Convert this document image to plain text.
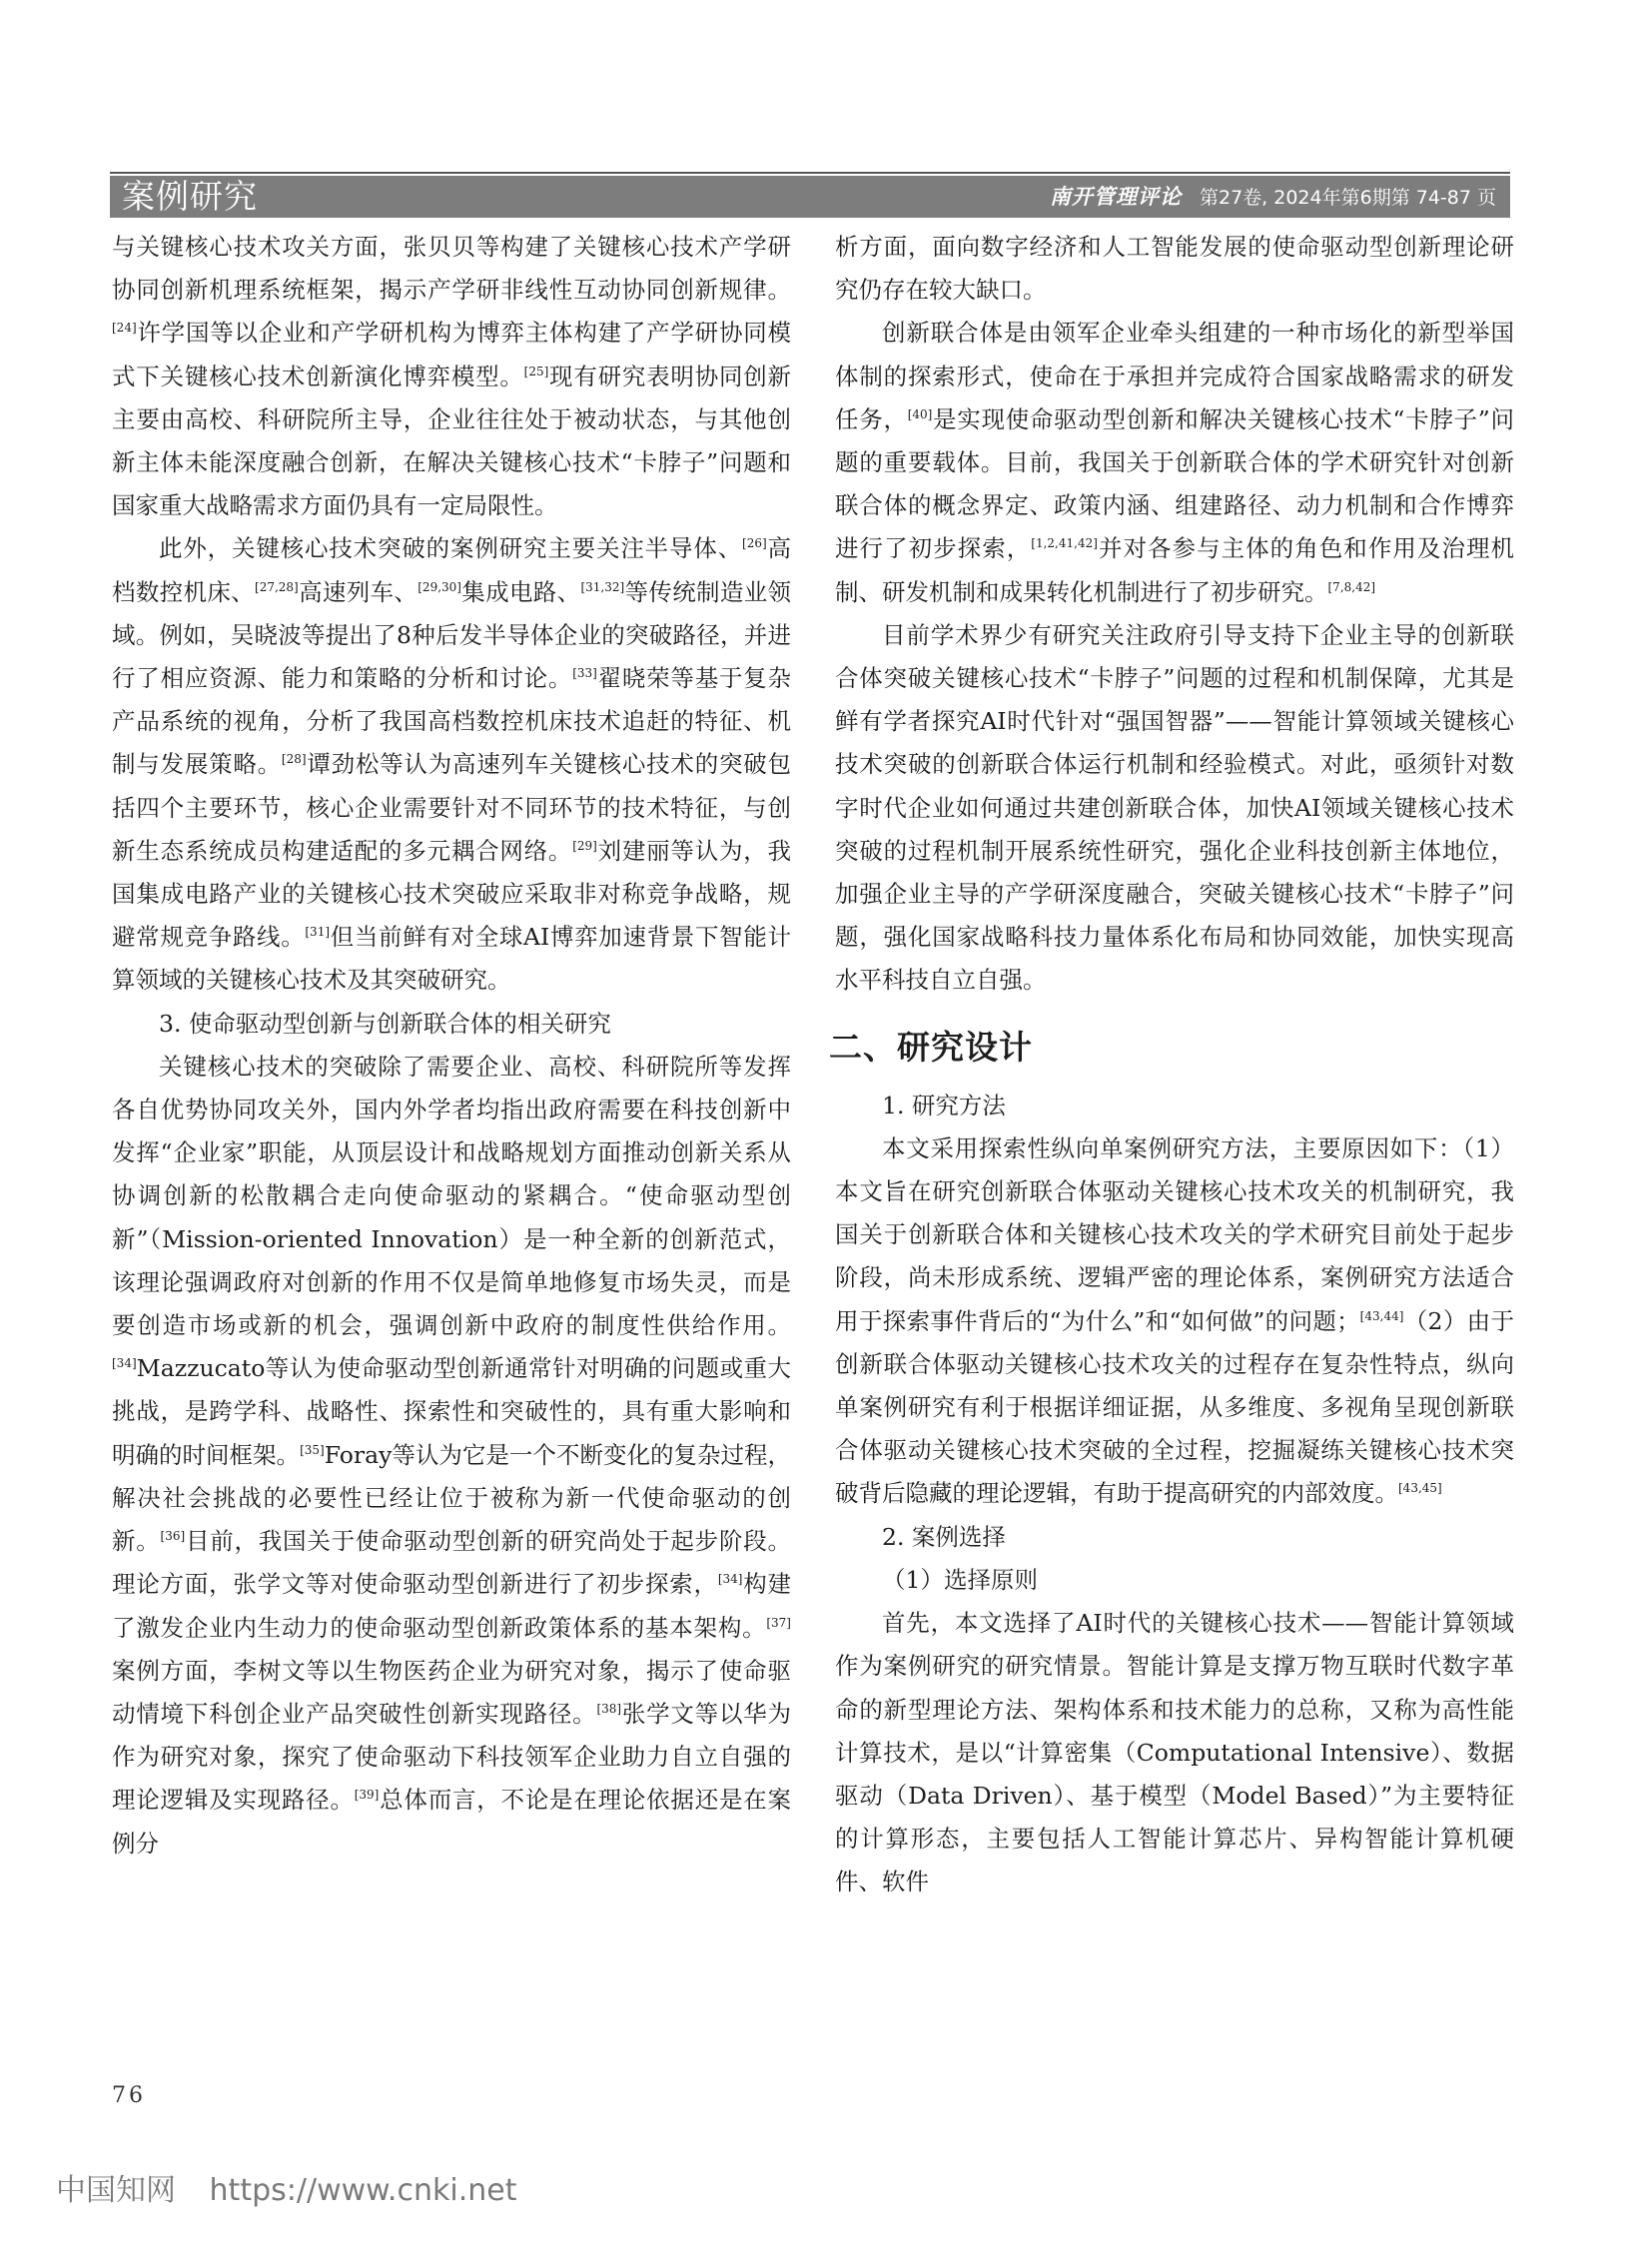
案例研究	南开管理评论 第27卷, 2024年第6期第 74-87 页

与关键核心技术攻关方面，张贝贝等构建了关键核心技术产学研协同创新机理系统框架，揭示产学研非线性互动协同创新规律。[24]许学国等以企业和产学研机构为博弈主体构建了产学研协同模式下关键核心技术创新演化博弈模型。[25]现有研究表明协同创新主要由高校、科研院所主导，企业往往处于被动状态，与其他创新主体未能深度融合创新，在解决关键核心技术“卡脖子”问题和国家重大战略需求方面仍具有一定局限性。

此外，关键核心技术突破的案例研究主要关注半导体、[26]高档数控机床、[27,28]高速列车、[29,30]集成电路、[31,32]等传统制造业领域。例如，吴晓波等提出了8种后发半导体企业的突破路径，并进行了相应资源、能力和策略的分析和讨论。[33]翟晓荣等基于复杂产品系统的视角，分析了我国高档数控机床技术追赶的特征、机制与发展策略。[28]谭劲松等认为高速列车关键核心技术的突破包括四个主要环节，核心企业需要针对不同环节的技术特征，与创新生态系统成员构建适配的多元耦合网络。[29]刘建丽等认为，我国集成电路产业的关键核心技术突破应采取非对称竞争战略，规避常规竞争路线。[31]但当前鲜有对全球AI博弈加速背景下智能计算领域的关键核心技术及其突破研究。

3. 使命驱动型创新与创新联合体的相关研究

关键核心技术的突破除了需要企业、高校、科研院所等发挥各自优势协同攻关外，国内外学者均指出政府需要在科技创新中发挥“企业家”职能，从顶层设计和战略规划方面推动创新关系从协调创新的松散耦合走向使命驱动的紧耦合。“使命驱动型创新”（Mission-oriented Innovation）是一种全新的创新范式，该理论强调政府对创新的作用不仅是简单地修复市场失灵，而是要创造市场或新的机会，强调创新中政府的制度性供给作用。[34]Mazzucato等认为使命驱动型创新通常针对明确的问题或重大挑战，是跨学科、战略性、探索性和突破性的，具有重大影响和明确的时间框架。[35]Foray等认为它是一个不断变化的复杂过程，解决社会挑战的必要性已经让位于被称为新一代使命驱动的创新。[36]目前，我国关于使命驱动型创新的研究尚处于起步阶段。理论方面，张学文等对使命驱动型创新进行了初步探索，[34]构建了激发企业内生动力的使命驱动型创新政策体系的基本架构。[37]案例方面，李树文等以生物医药企业为研究对象，揭示了使命驱动情境下科创企业产品突破性创新实现路径。[38]张学文等以华为作为研究对象，探究了使命驱动下科技领军企业助力自立自强的理论逻辑及实现路径。[39]总体而言，不论是在理论依据还是在案例分

析方面，面向数字经济和人工智能发展的使命驱动型创新理论研究仍存在较大缺口。

创新联合体是由领军企业牵头组建的一种市场化的新型举国体制的探索形式，使命在于承担并完成符合国家战略需求的研发任务，[40]是实现使命驱动型创新和解决关键核心技术“卡脖子”问题的重要载体。目前，我国关于创新联合体的学术研究针对创新联合体的概念界定、政策内涵、组建路径、动力机制和合作博弈进行了初步探索，[1,2,41,42]并对各参与主体的角色和作用及治理机制、研发机制和成果转化机制进行了初步研究。[7,8,42]

目前学术界少有研究关注政府引导支持下企业主导的创新联合体突破关键核心技术“卡脖子”问题的过程和机制保障，尤其是鲜有学者探究AI时代针对“强国智器”——智能计算领域关键核心技术突破的创新联合体运行机制和经验模式。对此，亟须针对数字时代企业如何通过共建创新联合体，加快AI领域关键核心技术突破的过程机制开展系统性研究，强化企业科技创新主体地位，加强企业主导的产学研深度融合，突破关键核心技术“卡脖子”问题，强化国家战略科技力量体系化布局和协同效能，加快实现高水平科技自立自强。

二、研究设计

1. 研究方法

本文采用探索性纵向单案例研究方法，主要原因如下：（1）本文旨在研究创新联合体驱动关键核心技术攻关的机制研究，我国关于创新联合体和关键核心技术攻关的学术研究目前处于起步阶段，尚未形成系统、逻辑严密的理论体系，案例研究方法适合用于探索事件背后的“为什么”和“如何做”的问题；[43,44]（2）由于创新联合体驱动关键核心技术攻关的过程存在复杂性特点，纵向单案例研究有利于根据详细证据，从多维度、多视角呈现创新联合体驱动关键核心技术突破的全过程，挖掘凝练关键核心技术突破背后隐藏的理论逻辑，有助于提高研究的内部效度。[43,45]

2. 案例选择

（1）选择原则

首先，本文选择了AI时代的关键核心技术——智能计算领域作为案例研究的研究情景。智能计算是支撑万物互联时代数字革命的新型理论方法、架构体系和技术能力的总称，又称为高性能计算技术，是以“计算密集（Computational Intensive）、数据驱动（Data Driven）、基于模型（Model Based）”为主要特征的计算形态，主要包括人工智能计算芯片、异构智能计算机硬件、软件

76
中国知网 https://www.cnki.net
